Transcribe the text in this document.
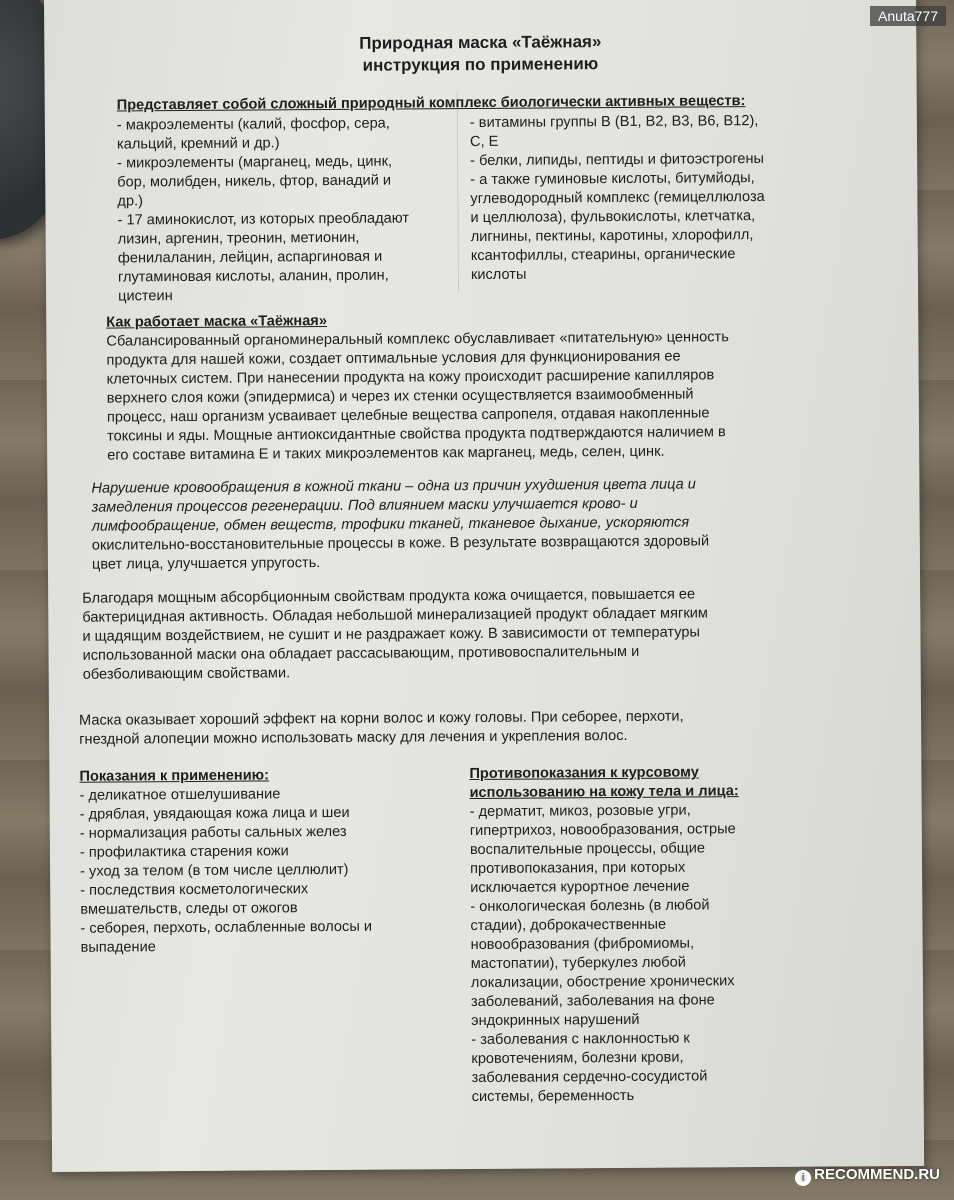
Природная маска «Таёжная»
инструкция по применению
Представляет собой сложный природный комплекс биологически активных веществ:
- макроэлементы (калий, фосфор, сера,
кальций, кремний и др.)
- микроэлементы (марганец, медь, цинк,
бор, молибден, никель, фтор, ванадий и
др.)
- 17 аминокислот, из которых преобладают
лизин, аргенин, треонин, метионин,
фенилаланин, лейцин, аспаргиновая и
глутаминовая кислоты, аланин, пролин,
цистеин
- витамины группы В (В1, В2, В3, В6, В12),
С, Е
- белки, липиды, пептиды и фитоэстрогены
- а также гуминовые кислоты, битумйоды,
углеводородный комплекс (гемицеллюлоза
и целлюлоза), фульвокислоты, клетчатка,
лигнины, пектины, каротины, хлорофилл,
ксантофиллы, стеарины, органические
кислоты
Как работает маска «Таёжная»
Сбалансированный органоминеральный комплекс обуславливает «питательную» ценность
продукта для нашей кожи, создает оптимальные условия для функционирования ее
клеточных систем. При нанесении продукта на кожу происходит расширение капилляров
верхнего слоя кожи (эпидермиса) и через их стенки осуществляется взаимообменный
процесс, наш организм усваивает целебные вещества сапропеля, отдавая накопленные
токсины и яды. Мощные антиоксидантные свойства продукта подтверждаются наличием в
его составе витамина Е и таких микроэлементов как марганец, медь, селен, цинк.
Нарушение кровообращения в кожной ткани – одна из причин ухудшения цвета лица и
замедления процессов регенерации. Под влиянием маски улучшается крово- и
лимфообращение, обмен веществ, трофики тканей, тканевое дыхание, ускоряются
окислительно-восстановительные процессы в коже. В результате возвращаются здоровый
цвет лица, улучшается упругость.
Благодаря мощным абсорбционным свойствам продукта кожа очищается, повышается ее
бактерицидная активность. Обладая небольшой минерализацией продукт обладает мягким
и щадящим воздействием, не сушит и не раздражает кожу. В зависимости от температуры
использованной маски она обладает рассасывающим, противовоспалительным и
обезболивающим свойствами.
Маска оказывает хороший эффект на корни волос и кожу головы. При себорее, перхоти,
гнездной алопеции можно использовать маску для лечения и укрепления волос.
Показания к применению:
- деликатное отшелушивание
- дряблая, увядающая кожа лица и шеи
- нормализация работы сальных желез
- профилактика старения кожи
- уход за телом (в том числе целлюлит)
- последствия косметологических
вмешательств, следы от ожогов
- себорея, перхоть, ослабленные волосы и
выпадение
Противопоказания к курсовому
использованию на кожу тела и лица:
- дерматит, микоз, розовые угри,
гипертрихоз, новообразования, острые
воспалительные процессы, общие
противопоказания, при которых
исключается курортное лечение
- онкологическая болезнь (в любой
стадии), доброкачественные
новообразования (фибромиомы,
мастопатии), туберкулез любой
локализации, обострение хронических
заболеваний, заболевания на фоне
эндокринных нарушений
- заболевания с наклонностью к
кровотечениям, болезни крови,
заболевания сердечно-сосудистой
системы, беременность
Anuta777
i RECOMMEND.RU
